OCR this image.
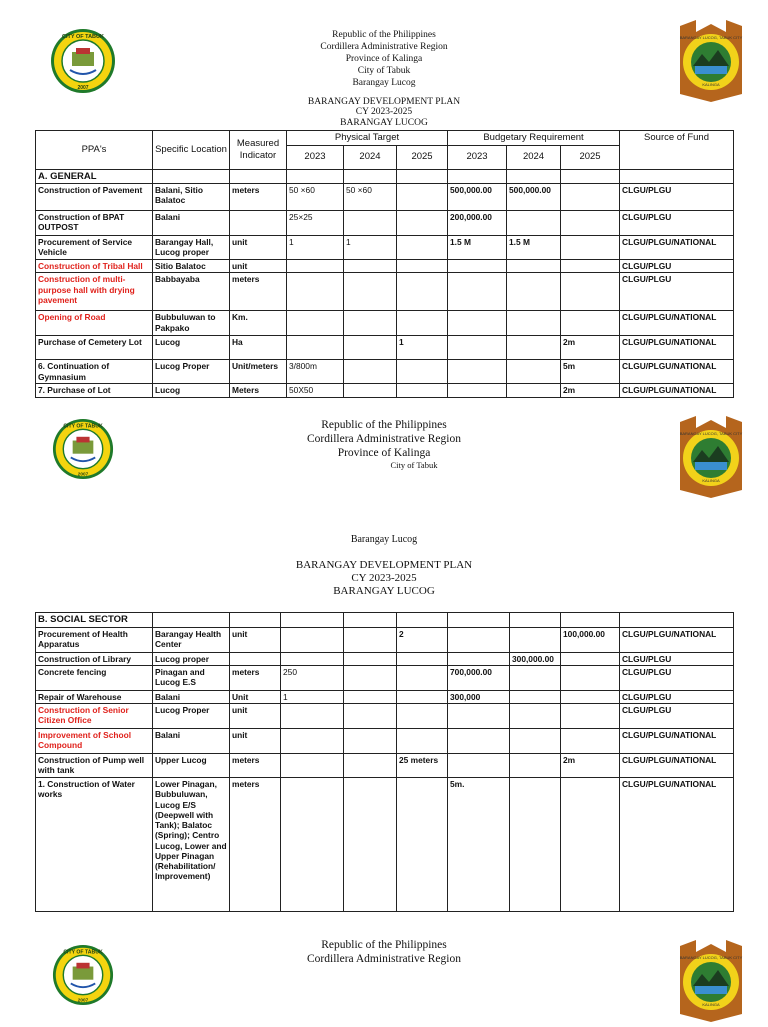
CITY OF TABUK
2007
BARANGAY LUCOG, TABUK CITY
KALINGA
Republic of the Philippines
Cordillera Administrative Region
Province of Kalinga
City of Tabuk
Barangay Lucog
BARANGAY DEVELOPMENT PLAN
CY 2023-2025
BARANGAY LUCOG
PPA's	Specific Location	Measured Indicator	Physical Target			Budgetary Requirement			Source of Fund
			2023	2024	2025	2023	2024	2025	
A. GENERAL									
Construction of Pavement	Balani, Sitio Balatoc	meters	50 ×60	50 ×60		500,000.00	500,000.00		CLGU/PLGU
Construction of BPAT OUTPOST	Balani		25×25			200,000.00			CLGU/PLGU
Procurement of Service Vehicle	Barangay Hall, Lucog proper	unit	1	1		1.5 M	1.5 M		CLGU/PLGU/NATIONAL
Construction of Tribal Hall	Sitio Balatoc	unit							CLGU/PLGU
Construction of multi-purpose hall with drying pavement	Babbayaba	meters							CLGU/PLGU
Opening of Road	Bubbuluwan to Pakpako	Km.							CLGU/PLGU/NATIONAL
Purchase of Cemetery Lot	Lucog	Ha			1			2m	CLGU/PLGU/NATIONAL
6. Continuation of Gymnasium	Lucog Proper	Unit/meters	3/800m					5m	CLGU/PLGU/NATIONAL
7. Purchase of Lot	Lucog	Meters	50X50					2m	CLGU/PLGU/NATIONAL
CITY OF TABUK
2007
BARANGAY LUCOG, TABUK CITY
KALINGA
Republic of the Philippines
Cordillera Administrative Region
Province of Kalinga
City of Tabuk
Barangay Lucog
BARANGAY DEVELOPMENT PLAN
CY 2023-2025
BARANGAY LUCOG
B. SOCIAL SECTOR									
Procurement of Health Apparatus	Barangay Health Center	unit			2			100,000.00	CLGU/PLGU/NATIONAL
Construction of Library	Lucog proper						300,000.00		CLGU/PLGU
Concrete fencing	Pinagan and Lucog E.S	meters	250			700,000.00			CLGU/PLGU
Repair of Warehouse	Balani	Unit	1			300,000			CLGU/PLGU
Construction of Senior Citizen Office	Lucog Proper	unit							CLGU/PLGU
Improvement of School Compound	Balani	unit							CLGU/PLGU/NATIONAL
Construction of Pump well with tank	Upper Lucog	meters			25 meters			2m	CLGU/PLGU/NATIONAL
1. Construction of Water works	Lower Pinagan, Bubbuluwan, Lucog E/S (Deepwell with Tank); Balatoc (Spring); Centro Lucog, Lower and Upper Pinagan (Rehabilitation/ Improvement)	meters				5m.			CLGU/PLGU/NATIONAL
CITY OF TABUK
2007
BARANGAY LUCOG, TABUK CITY
KALINGA
Republic of the Philippines
Cordillera Administrative Region
